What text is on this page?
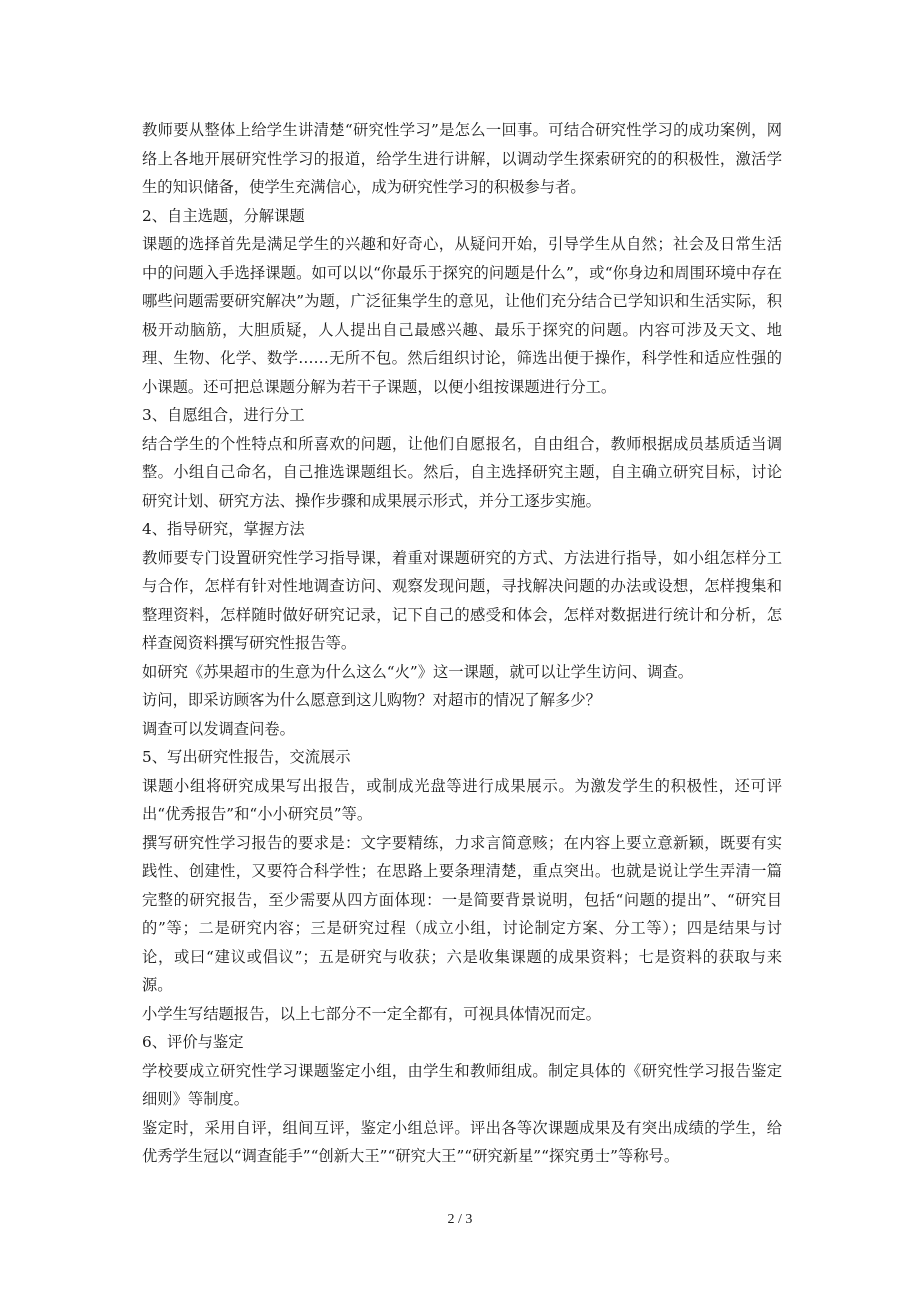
教师要从整体上给学生讲清楚“研究性学习”是怎么一回事。可结合研究性学习的成功案例，网络上各地开展研究性学习的报道，给学生进行讲解，以调动学生探索研究的的积极性，激活学生的知识储备，使学生充满信心，成为研究性学习的积极参与者。

2、自主选题，分解课题

课题的选择首先是满足学生的兴趣和好奇心，从疑问开始，引导学生从自然；社会及日常生活中的问题入手选择课题。如可以以“你最乐于探究的问题是什么”，或“你身边和周围环境中存在哪些问题需要研究解决”为题，广泛征集学生的意见，让他们充分结合已学知识和生活实际，积极开动脑筋，大胆质疑，人人提出自己最感兴趣、最乐于探究的问题。内容可涉及天文、地理、生物、化学、数学……无所不包。然后组织讨论，筛选出便于操作，科学性和适应性强的小课题。还可把总课题分解为若干子课题，以便小组按课题进行分工。

3、自愿组合，进行分工

结合学生的个性特点和所喜欢的问题，让他们自愿报名，自由组合，教师根据成员基质适当调整。小组自己命名，自己推选课题组长。然后，自主选择研究主题，自主确立研究目标，讨论研究计划、研究方法、操作步骤和成果展示形式，并分工逐步实施。

4、指导研究，掌握方法

教师要专门设置研究性学习指导课，着重对课题研究的方式、方法进行指导，如小组怎样分工与合作，怎样有针对性地调查访问、观察发现问题，寻找解决问题的办法或设想，怎样搜集和整理资料，怎样随时做好研究记录，记下自己的感受和体会，怎样对数据进行统计和分析，怎样查阅资料撰写研究性报告等。

如研究《苏果超市的生意为什么这么“火”》这一课题，就可以让学生访问、调查。

访问，即采访顾客为什么愿意到这儿购物？对超市的情况了解多少？

调查可以发调查问卷。

5、写出研究性报告，交流展示

课题小组将研究成果写出报告，或制成光盘等进行成果展示。为激发学生的积极性，还可评出“优秀报告”和“小小研究员”等。

撰写研究性学习报告的要求是：文字要精练，力求言简意赅；在内容上要立意新颖，既要有实践性、创建性，又要符合科学性；在思路上要条理清楚，重点突出。也就是说让学生弄清一篇完整的研究报告，至少需要从四方面体现：一是简要背景说明，包括“问题的提出”、“研究目的”等；二是研究内容；三是研究过程（成立小组，讨论制定方案、分工等）；四是结果与讨论，或曰“建议或倡议”；五是研究与收获；六是收集课题的成果资料；七是资料的获取与来源。

小学生写结题报告，以上七部分不一定全都有，可视具体情况而定。

6、评价与鉴定

学校要成立研究性学习课题鉴定小组，由学生和教师组成。制定具体的《研究性学习报告鉴定细则》等制度。

鉴定时，采用自评，组间互评，鉴定小组总评。评出各等次课题成果及有突出成绩的学生，给优秀学生冠以“调查能手”“创新大王”“研究大王”“研究新星”“探究勇士”等称号。

2 / 3
